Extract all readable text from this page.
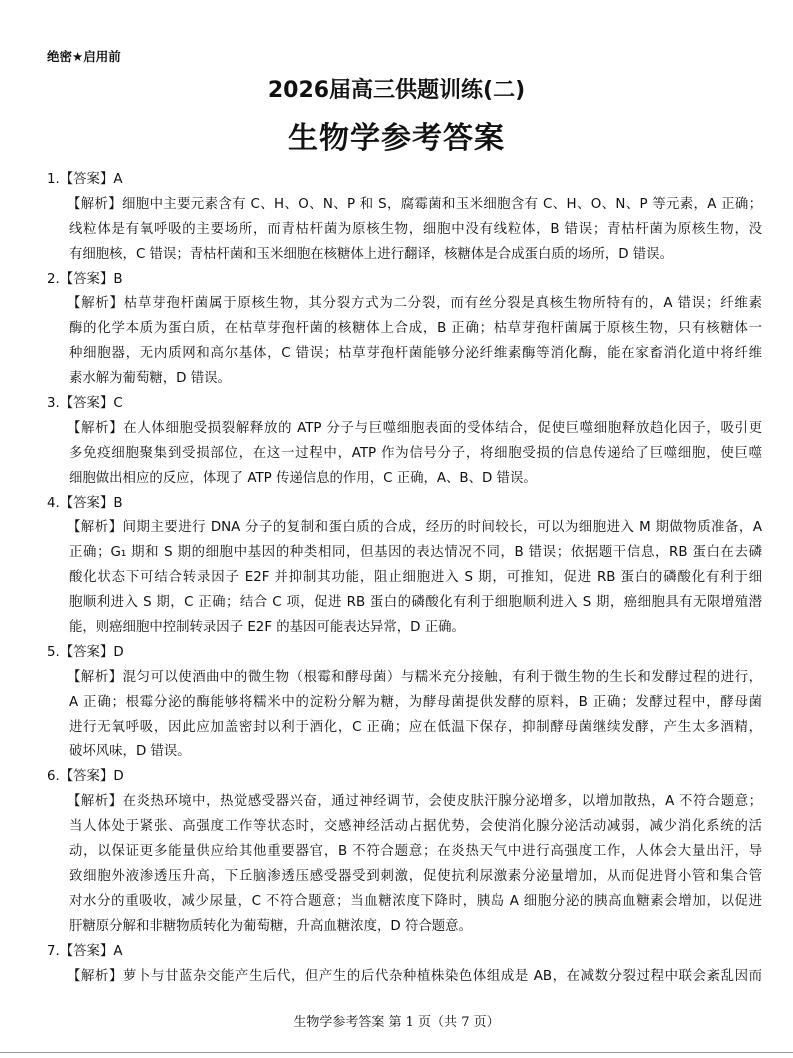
绝密★启用前
2026届高三供题训练(二)
生物学参考答案
1.【答案】A
【解析】细胞中主要元素含有 C、H、O、N、P 和 S，腐霉菌和玉米细胞含有 C、H、O、N、P 等元素，A 正确；
线粒体是有氧呼吸的主要场所，而青枯杆菌为原核生物，细胞中没有线粒体，B 错误；青枯杆菌为原核生物，没
有细胞核，C 错误；青枯杆菌和玉米细胞在核糖体上进行翻译，核糖体是合成蛋白质的场所，D 错误。
2.【答案】B
【解析】枯草芽孢杆菌属于原核生物，其分裂方式为二分裂，而有丝分裂是真核生物所特有的，A 错误；纤维素
酶的化学本质为蛋白质，在枯草芽孢杆菌的核糖体上合成，B 正确；枯草芽孢杆菌属于原核生物，只有核糖体一
种细胞器，无内质网和高尔基体，C 错误；枯草芽孢杆菌能够分泌纤维素酶等消化酶，能在家畜消化道中将纤维
素水解为葡萄糖，D 错误。
3.【答案】C
【解析】在人体细胞受损裂解释放的 ATP 分子与巨噬细胞表面的受体结合，促使巨噬细胞释放趋化因子，吸引更
多免疫细胞聚集到受损部位，在这一过程中，ATP 作为信号分子，将细胞受损的信息传递给了巨噬细胞，使巨噬
细胞做出相应的反应，体现了 ATP 传递信息的作用，C 正确，A、B、D 错误。
4.【答案】B
【解析】间期主要进行 DNA 分子的复制和蛋白质的合成，经历的时间较长，可以为细胞进入 M 期做物质准备，A
正确；G₁ 期和 S 期的细胞中基因的种类相同，但基因的表达情况不同，B 错误；依据题干信息，RB 蛋白在去磷
酸化状态下可结合转录因子 E2F 并抑制其功能，阻止细胞进入 S 期，可推知，促进 RB 蛋白的磷酸化有利于细
胞顺利进入 S 期，C 正确；结合 C 项，促进 RB 蛋白的磷酸化有利于细胞顺利进入 S 期，癌细胞具有无限增殖潜
能，则癌细胞中控制转录因子 E2F 的基因可能表达异常，D 正确。
5.【答案】D
【解析】混匀可以使酒曲中的微生物（根霉和酵母菌）与糯米充分接触，有利于微生物的生长和发酵过程的进行，
A 正确；根霉分泌的酶能够将糯米中的淀粉分解为糖，为酵母菌提供发酵的原料，B 正确；发酵过程中，酵母菌
进行无氧呼吸，因此应加盖密封以利于酒化，C 正确；应在低温下保存，抑制酵母菌继续发酵，产生太多酒精，
破坏风味，D 错误。
6.【答案】D
【解析】在炎热环境中，热觉感受器兴奋，通过神经调节，会使皮肤汗腺分泌增多，以增加散热，A 不符合题意；
当人体处于紧张、高强度工作等状态时，交感神经活动占据优势，会使消化腺分泌活动减弱，减少消化系统的活
动，以保证更多能量供应给其他重要器官，B 不符合题意；在炎热天气中进行高强度工作，人体会大量出汗，导
致细胞外液渗透压升高，下丘脑渗透压感受器受到刺激，促使抗利尿激素分泌量增加，从而促进肾小管和集合管
对水分的重吸收，减少尿量，C 不符合题意；当血糖浓度下降时，胰岛 A 细胞分泌的胰高血糖素会增加，以促进
肝糖原分解和非糖物质转化为葡萄糖，升高血糖浓度，D 符合题意。
7.【答案】A
【解析】萝卜与甘蓝杂交能产生后代，但产生的后代杂种植株染色体组成是 AB，在减数分裂过程中联会紊乱因而
生物学参考答案 第 1 页（共 7 页）
